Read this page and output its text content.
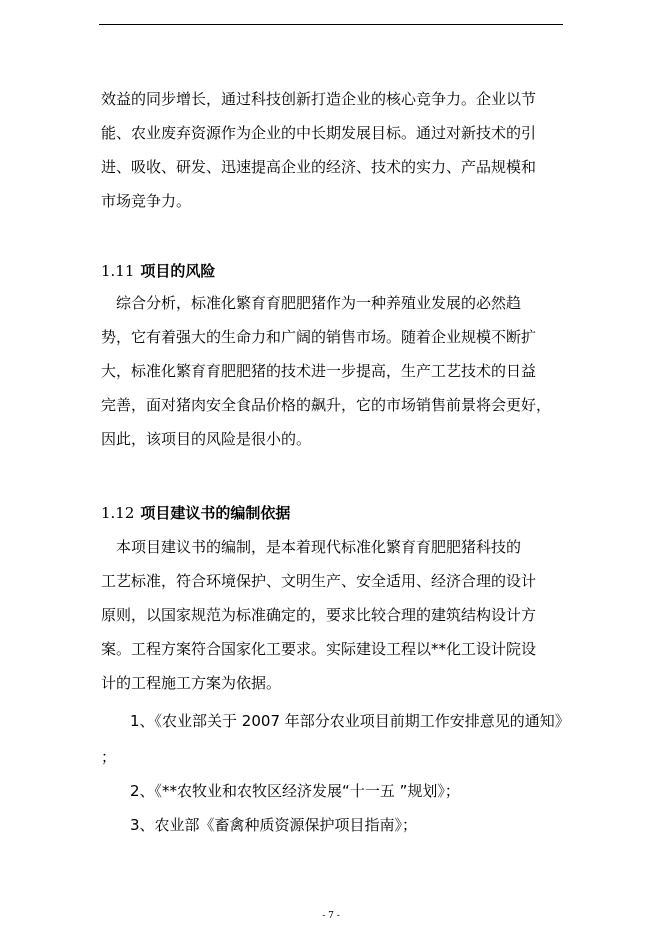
效益的同步增长，通过科技创新打造企业的核心竞争力。企业以节
能、农业废弃资源作为企业的中长期发展目标。通过对新技术的引
进、吸收、研发、迅速提高企业的经济、技术的实力、产品规模和
市场竞争力。

1.11 项目的风险

　综合分析，标准化繁育育肥肥猪作为一种养殖业发展的必然趋
势，它有着强大的生命力和广阔的销售市场。随着企业规模不断扩
大，标准化繁育育肥肥猪的技术进一步提高，生产工艺技术的日益
完善，面对猪肉安全食品价格的飙升，它的市场销售前景将会更好，
因此，该项目的风险是很小的。

1.12 项目建议书的编制依据

　本项目建议书的编制，是本着现代标准化繁育育肥肥猪科技的
工艺标准，符合环境保护、文明生产、安全适用、经济合理的设计
原则，以国家规范为标准确定的，要求比较合理的建筑结构设计方
案。工程方案符合国家化工要求。实际建设工程以**化工设计院设
计的工程施工方案为依据。

1、《农业部关于 2007 年部分农业项目前期工作安排意见的通知》

；

2、《**农牧业和农牧区经济发展“十一五 ”规划》；

3、农业部《畜禽种质资源保护项目指南》；

- 7 -
